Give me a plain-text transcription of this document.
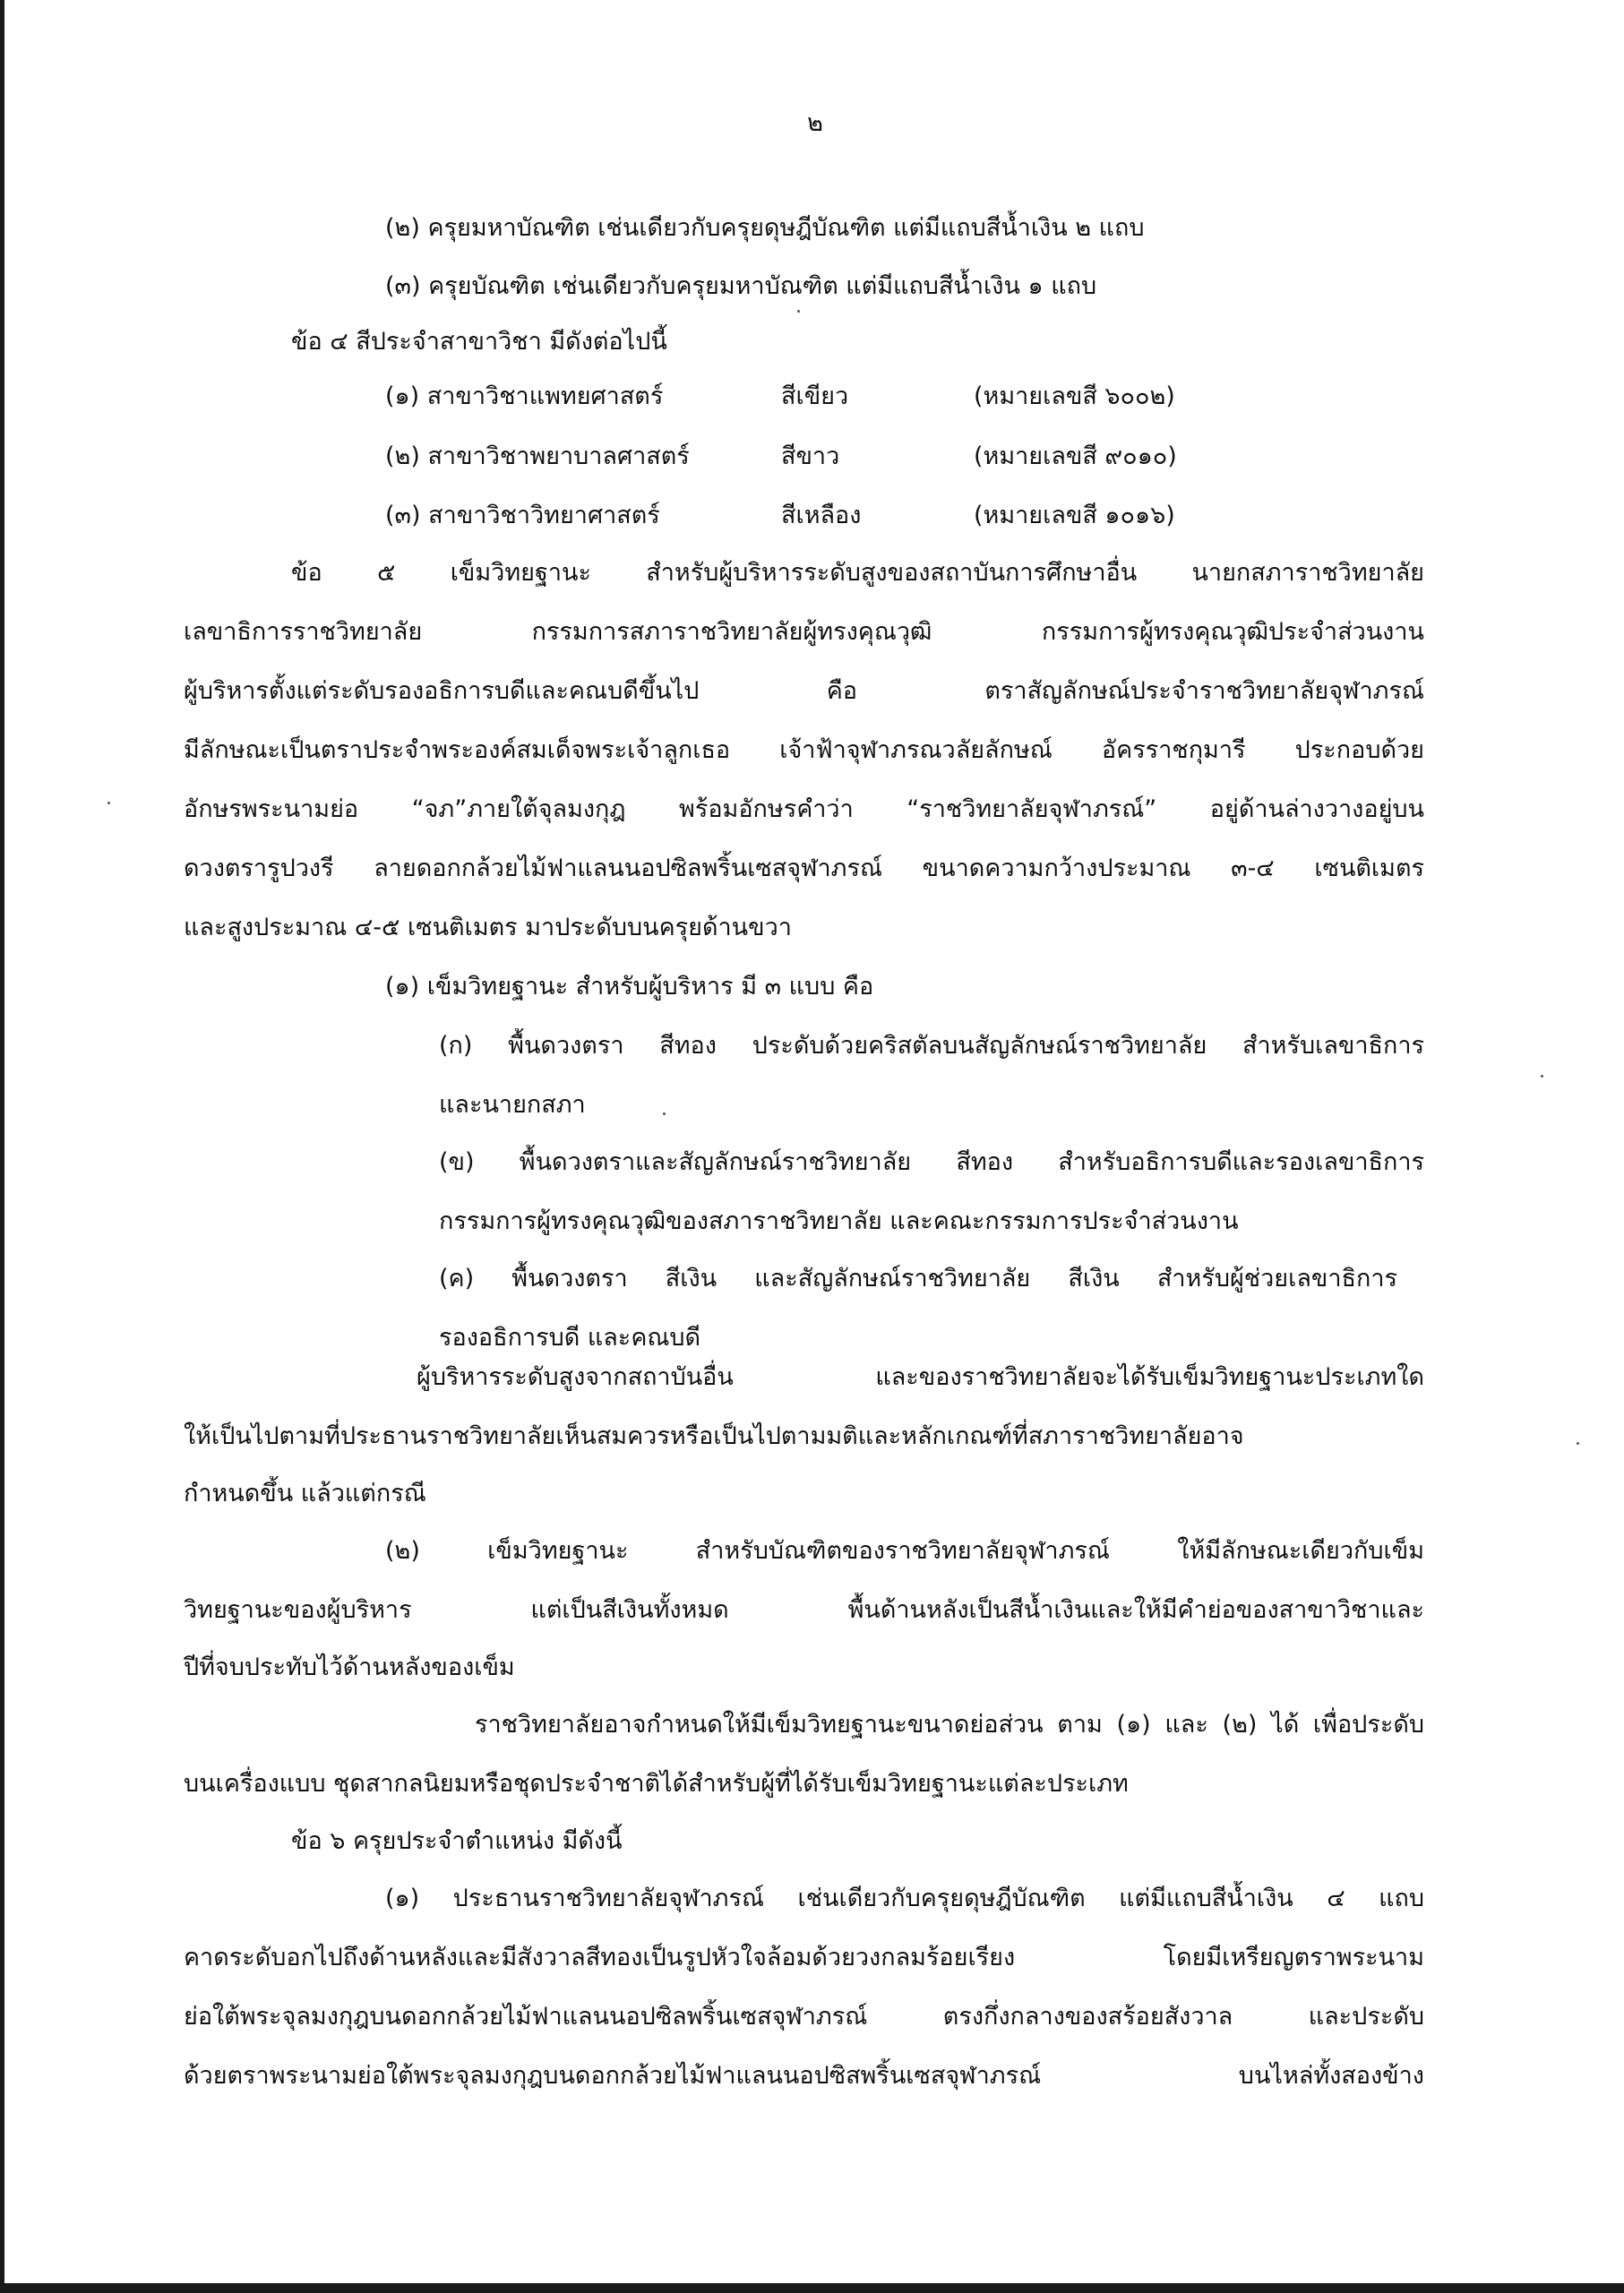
๒
(๒) ครุยมหาบัณฑิต เช่นเดียวกับครุยดุษฎีบัณฑิต แต่มีแถบสีน้ำเงิน ๒ แถบ
(๓) ครุยบัณฑิต เช่นเดียวกับครุยมหาบัณฑิต แต่มีแถบสีน้ำเงิน ๑ แถบ
ข้อ ๔ สีประจำสาขาวิชา มีดังต่อไปนี้
(๑) สาขาวิชาแพทยศาสตร์	สีเขียว	(หมายเลขสี ๖๐๐๒)
(๒) สาขาวิชาพยาบาลศาสตร์	สีขาว	(หมายเลขสี ๙๐๑๐)
(๓) สาขาวิชาวิทยาศาสตร์	สีเหลือง	(หมายเลขสี ๑๐๑๖)
ข้อ ๕ เข็มวิทยฐานะ สำหรับผู้บริหารระดับสูงของสถาบันการศึกษาอื่น นายกสภาราชวิทยาลัย
เลขาธิการราชวิทยาลัย กรรมการสภาราชวิทยาลัยผู้ทรงคุณวุฒิ กรรมการผู้ทรงคุณวุฒิประจำส่วนงาน
ผู้บริหารตั้งแต่ระดับรองอธิการบดีและคณบดีขึ้นไป คือ ตราสัญลักษณ์ประจำราชวิทยาลัยจุฬาภรณ์
มีลักษณะเป็นตราประจำพระองค์สมเด็จพระเจ้าลูกเธอ เจ้าฟ้าจุฬาภรณวลัยลักษณ์ อัครราชกุมารี ประกอบด้วย
อักษรพระนามย่อ “จภ”ภายใต้จุลมงกุฎ พร้อมอักษรคำว่า “ราชวิทยาลัยจุฬาภรณ์” อยู่ด้านล่างวางอยู่บน
ดวงตรารูปวงรี ลายดอกกล้วยไม้ฟาแลนนอปซิลพริ้นเซสจุฬาภรณ์ ขนาดความกว้างประมาณ ๓-๔ เซนติเมตร
และสูงประมาณ ๔-๕ เซนติเมตร มาประดับบนครุยด้านขวา
(๑) เข็มวิทยฐานะ สำหรับผู้บริหาร มี ๓ แบบ คือ
(ก) พื้นดวงตรา สีทอง ประดับด้วยคริสตัลบนสัญลักษณ์ราชวิทยาลัย สำหรับเลขาธิการ
และนายกสภา
(ข) พื้นดวงตราและสัญลักษณ์ราชวิทยาลัย สีทอง สำหรับอธิการบดีและรองเลขาธิการ
กรรมการผู้ทรงคุณวุฒิของสภาราชวิทยาลัย และคณะกรรมการประจำส่วนงาน
(ค) พื้นดวงตรา สีเงิน และสัญลักษณ์ราชวิทยาลัย สีเงิน สำหรับผู้ช่วยเลขาธิการ
รองอธิการบดี และคณบดี
ผู้บริหารระดับสูงจากสถาบันอื่น และของราชวิทยาลัยจะได้รับเข็มวิทยฐานะประเภทใด
ให้เป็นไปตามที่ประธานราชวิทยาลัยเห็นสมควรหรือเป็นไปตามมติและหลักเกณฑ์ที่สภาราชวิทยาลัยอาจ
กำหนดขึ้น แล้วแต่กรณี
(๒) เข็มวิทยฐานะ สำหรับบัณฑิตของราชวิทยาลัยจุฬาภรณ์ ให้มีลักษณะเดียวกับเข็ม
วิทยฐานะของผู้บริหาร แต่เป็นสีเงินทั้งหมด พื้นด้านหลังเป็นสีน้ำเงินและให้มีคำย่อของสาขาวิชาและ
ปีที่จบประทับไว้ด้านหลังของเข็ม
ราชวิทยาลัยอาจกำหนดให้มีเข็มวิทยฐานะขนาดย่อส่วน ตาม (๑) และ (๒) ได้ เพื่อประดับ
บนเครื่องแบบ ชุดสากลนิยมหรือชุดประจำชาติได้สำหรับผู้ที่ได้รับเข็มวิทยฐานะแต่ละประเภท
ข้อ ๖ ครุยประจำตำแหน่ง มีดังนี้
(๑) ประธานราชวิทยาลัยจุฬาภรณ์ เช่นเดียวกับครุยดุษฎีบัณฑิต แต่มีแถบสีน้ำเงิน ๔ แถบ
คาดระดับอกไปถึงด้านหลังและมีสังวาลสีทองเป็นรูปหัวใจล้อมด้วยวงกลมร้อยเรียง โดยมีเหรียญตราพระนาม
ย่อใต้พระจุลมงกุฎบนดอกกล้วยไม้ฟาแลนนอปซิลพริ้นเซสจุฬาภรณ์ ตรงกึ่งกลางของสร้อยสังวาล และประดับ
ด้วยตราพระนามย่อใต้พระจุลมงกุฎบนดอกกล้วยไม้ฟาแลนนอปซิสพริ้นเซสจุฬาภรณ์ บนไหล่ทั้งสองข้าง
